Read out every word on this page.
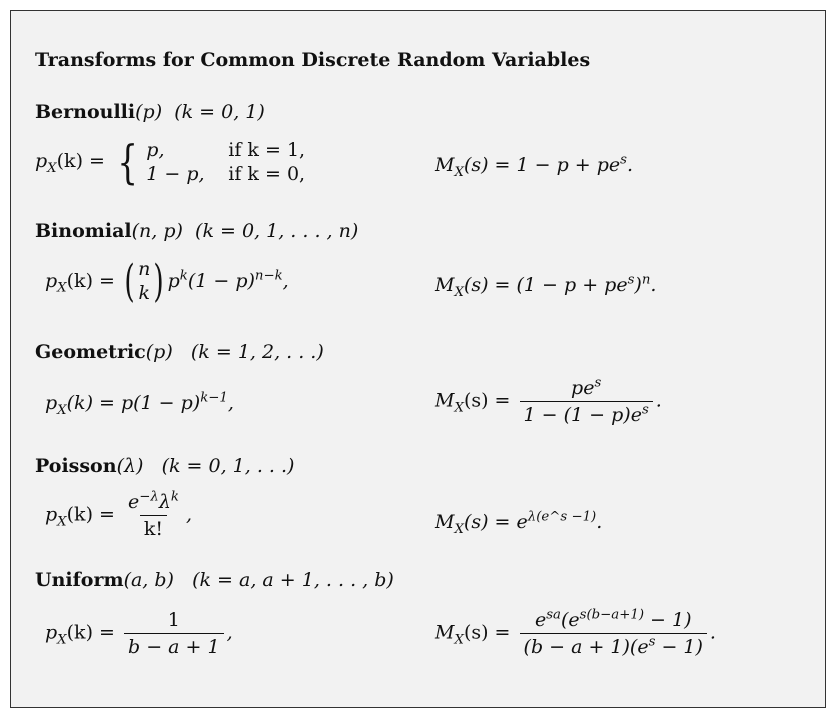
Transforms for Common Discrete Random Variables
Bernoulli(p) (k = 0, 1)
$p_X(k)$ = { p,	if k = 1,
1 − p,	if k = 0,	$M_X(s) = 1 - p + pe^s$.
Binomial(n, p) (k = 0, 1, . . . , n)
$p_X(k)$ = ( n
k ) $p^k(1 - p)^{n-k}$,	$M_X(s) = (1 - p + pe^s)^n$.
Geometric(p) (k = 1, 2, . . .)
$p_X(k) = p(1 - p)^{k-1}$,	$M_X(s) = \frac{pe^s}{1 - (1 - p)e^s}$ .
Poisson(λ) (k = 0, 1, . . .)
$p_X(k) = \frac{e^{-\lambda}\lambda^k}{k!}$ ,	$M_X(s) = e^{\lambda(e\^{}s -1)}$.
Uniform(a, b) (k = a, a + 1, . . . , b)
$p_X(k) = \frac{1}{b - a + 1}$ ,	$M_X(s) = \frac{e^{sa}(e^{s(b-a+1)} - 1)}{(b - a + 1)(e^s - 1)}$ .
